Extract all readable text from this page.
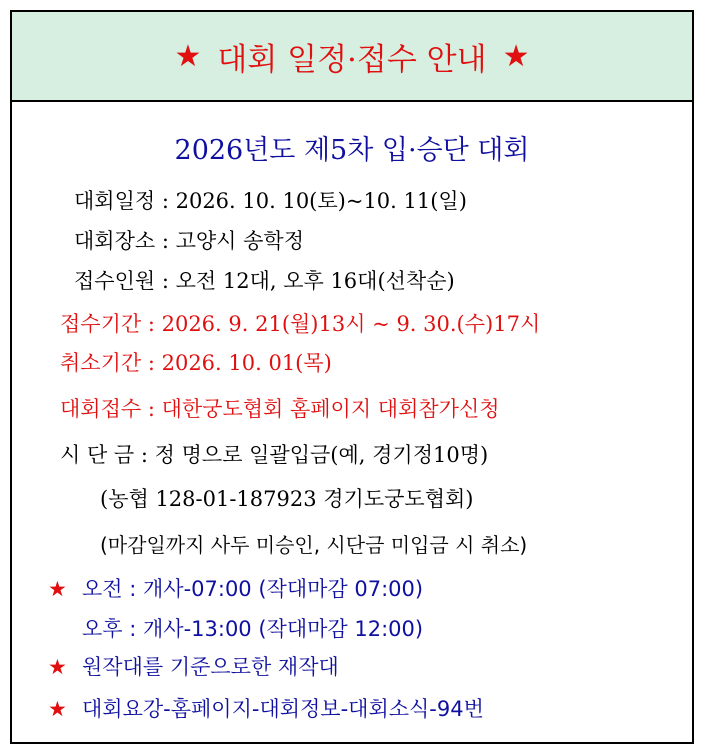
★ 대회 일정·접수 안내 ★
2026년도 제5차 입·승단 대회
대회일정 : 2026. 10. 10(토)~10. 11(일)
대회장소 : 고양시 송학정
접수인원 : 오전 12대, 오후 16대(선착순)
접수기간 : 2026. 9. 21(월)13시 ~ 9. 30.(수)17시
취소기간 : 2026. 10. 01(목)
대회접수 : 대한궁도협회 홈페이지 대회참가신청
시 단 금 : 정 명으로 일괄입금(예, 경기정10명)
(농협 128-01-187923 경기도궁도협회)
(마감일까지 사두 미승인, 시단금 미입금 시 취소)
★ 오전 : 개사-07:00 (작대마감 07:00)
오후 : 개사-13:00 (작대마감 12:00)
★ 원작대를 기준으로한 재작대
★ 대회요강-홈페이지-대회정보-대회소식-94번
